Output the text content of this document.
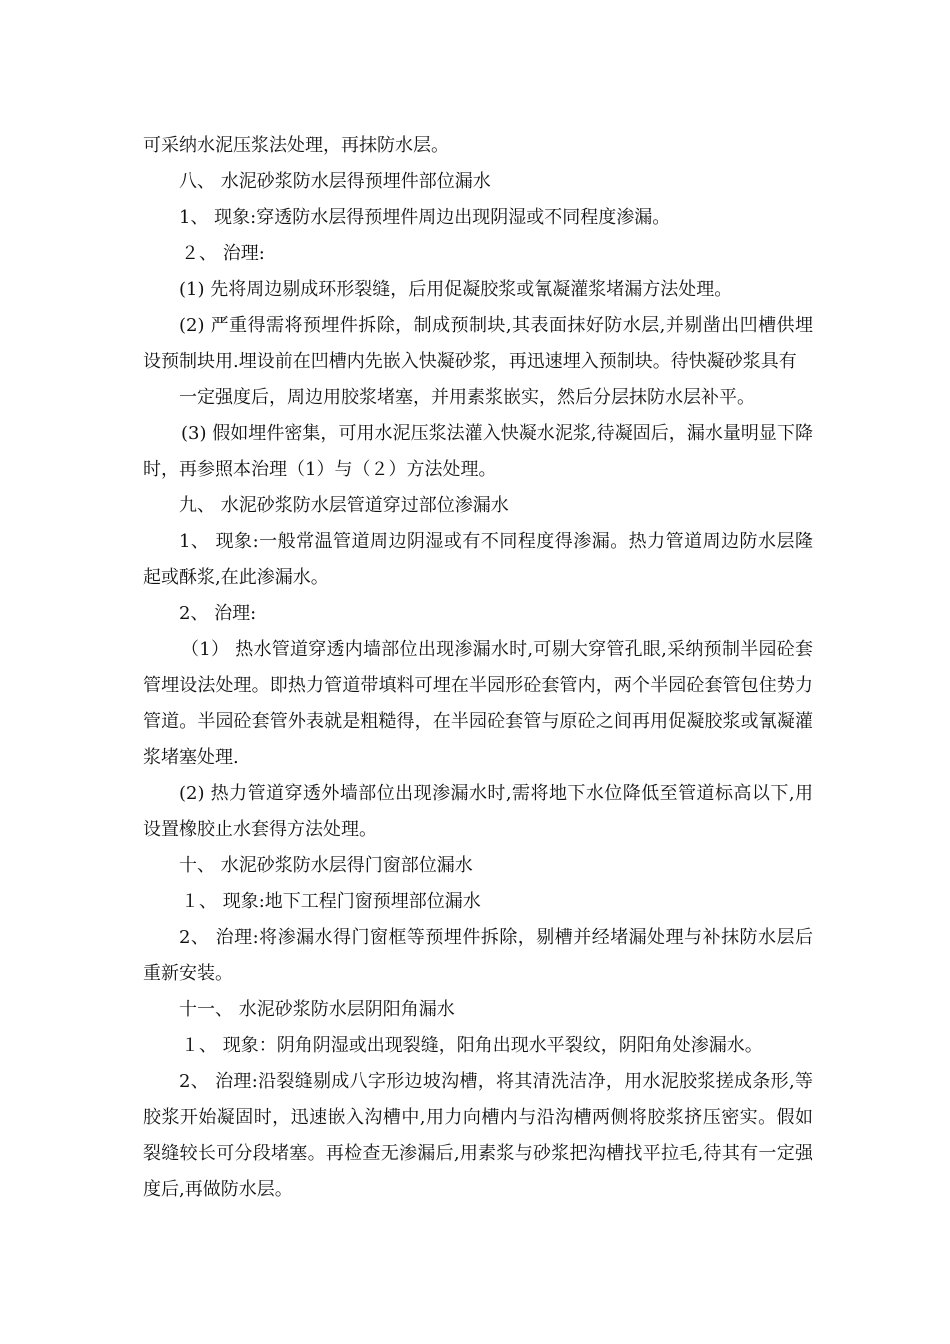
可采纳水泥压浆法处理，再抹防水层。

八、 水泥砂浆防水层得预埋件部位漏水

1、 现象:穿透防水层得预埋件周边出现阴湿或不同程度渗漏。

２、 治理:

(1) 先将周边剔成环形裂缝，后用促凝胶浆或氰凝灌浆堵漏方法处理。

(2) 严重得需将预埋件拆除，制成预制块,其表面抹好防水层,并剔凿出凹槽供埋设预制块用.埋设前在凹槽内先嵌入快凝砂浆，再迅速埋入预制块。待快凝砂浆具有

一定强度后，周边用胶浆堵塞，并用素浆嵌实，然后分层抹防水层补平。

(3) 假如埋件密集，可用水泥压浆法灌入快凝水泥浆,待凝固后，漏水量明显下降时，再参照本治理（1）与（２）方法处理。

九、 水泥砂浆防水层管道穿过部位渗漏水

1、 现象:一般常温管道周边阴湿或有不同程度得渗漏。热力管道周边防水层隆起或酥浆,在此渗漏水。

2、 治理:

（1） 热水管道穿透内墙部位出现渗漏水时,可剔大穿管孔眼,采纳预制半园砼套管埋设法处理。即热力管道带填料可埋在半园形砼套管内，两个半园砼套管包住势力管道。半园砼套管外表就是粗糙得，在半园砼套管与原砼之间再用促凝胶浆或氰凝灌浆堵塞处理.

(2) 热力管道穿透外墙部位出现渗漏水时,需将地下水位降低至管道标高以下,用设置橡胶止水套得方法处理。

十、 水泥砂浆防水层得门窗部位漏水

１、 现象:地下工程门窗预埋部位漏水

2、 治理:将渗漏水得门窗框等预埋件拆除，剔槽并经堵漏处理与补抹防水层后重新安装。

十一、 水泥砂浆防水层阴阳角漏水

１、 现象：阴角阴湿或出现裂缝，阳角出现水平裂纹，阴阳角处渗漏水。

2、 治理:沿裂缝剔成八字形边坡沟槽，将其清洗洁净，用水泥胶浆搓成条形,等胶浆开始凝固时，迅速嵌入沟槽中,用力向槽内与沿沟槽两侧将胶浆挤压密实。假如裂缝较长可分段堵塞。再检查无渗漏后,用素浆与砂浆把沟槽找平拉毛,待其有一定强度后,再做防水层。
